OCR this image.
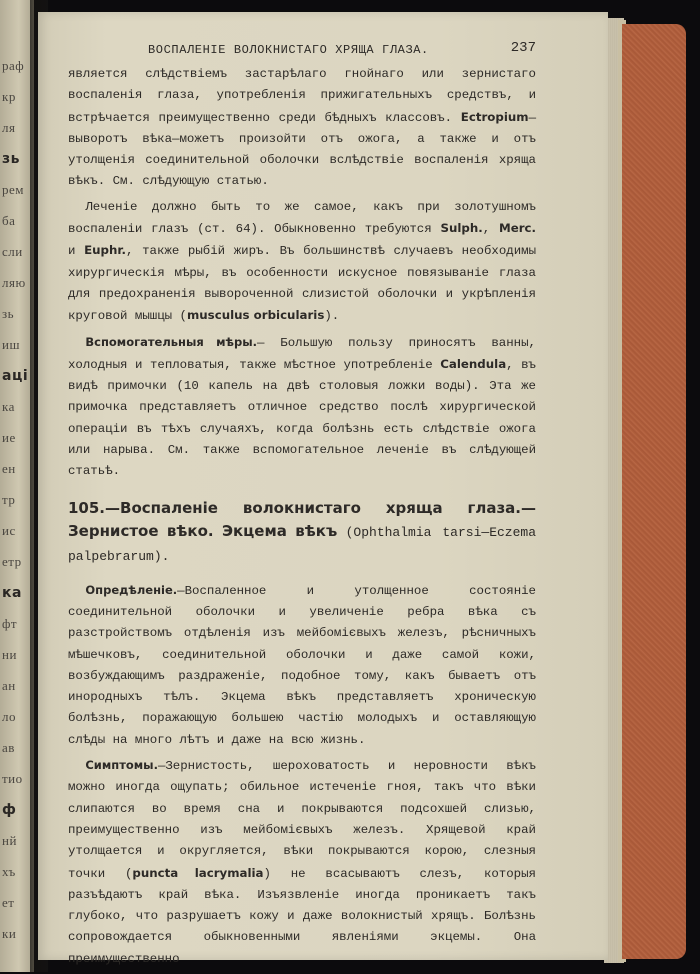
раф
кр
ля
зь
рем
ба
сли
ляю
зь
иш
аці
ка
ие
ен
тр
ис
етр
ка
фт
ни
ан
ло
ав
тио
ф
нй
хъ
ет
ки
ВОСПАЛЕНІЕ ВОЛОКНИСТАГО ХРЯЩА ГЛАЗА.	237

является слѣдствіемъ застарѣлаго гнойнаго или зернистаго воспаленія глаза, употребленія прижигательныхъ средствъ, и встрѣчается преимущественно среди бѣдныхъ классовъ. Ectropium—выворотъ вѣка—можетъ произойти отъ ожога, а также и отъ утолщенія соединительной оболочки вслѣдствіе воспаленія хряща вѣкъ. См. слѣдующую статью.

Леченіе должно быть то же самое, какъ при золотушномъ воспаленіи глазъ (ст. 64). Обыкновенно требуются Sulph., Merc. и Euphr., также рыбій жиръ. Въ большинствѣ случаевъ необходимы хирургическія мѣры, въ особенности искусное повязываніе глаза для предохраненія вывороченной слизистой оболочки и укрѣпленія круговой мышцы (musculus orbicularis).

Вспомогательныя мѣры.— Большую пользу приносятъ ванны, холодныя и тепловатыя, также мѣстное употребленіе Calendula, въ видѣ примочки (10 капель на двѣ столовыя ложки воды). Эта же примочка представляетъ отличное средство послѣ хирургической операціи въ тѣхъ случаяхъ, когда болѣзнь есть слѣдствіе ожога или нарыва. См. также вспомогательное леченіе въ слѣдующей статьѣ.

105.—Воспаленіе волокнистаго хряща глаза.—Зернистое вѣко. Экцема вѣкъ (Ophthalmia tarsi—Eczema palpebrarum).

Опредѣленіе.—Воспаленное и утолщенное состояніе соединительной оболочки и увеличеніе ребра вѣка съ разстройствомъ отдѣленія изъ мейбомієвыхъ железъ, рѣсничныхъ мѣшечковъ, соединительной оболочки и даже самой кожи, возбуждающимъ раздраженіе, подобное тому, какъ бываетъ отъ инородныхъ тѣлъ. Экцема вѣкъ представляетъ хроническую болѣзнь, поражающую большею частію молодыхъ и оставляющую слѣды на много лѣтъ и даже на всю жизнь.

Симптомы.—Зернистость, шероховатость и неровности вѣкъ можно иногда ощупать; обильное истеченіе гноя, такъ что вѣки слипаются во время сна и покрываются подсохшей слизью, преимущественно изъ мейбомієвыхъ железъ. Хрящевой край утолщается и округляется, вѣки покрываются корою, слезныя точки (puncta lacrymalia) не всасываютъ слезъ, которыя разъѣдаютъ край вѣка. Изъязвленіе иногда проникаетъ такъ глубоко, что разрушаетъ кожу и даже волокнистый хрящъ. Болѣзнь сопровождается обыкновенными явленіями экцемы. Она преимущественно
